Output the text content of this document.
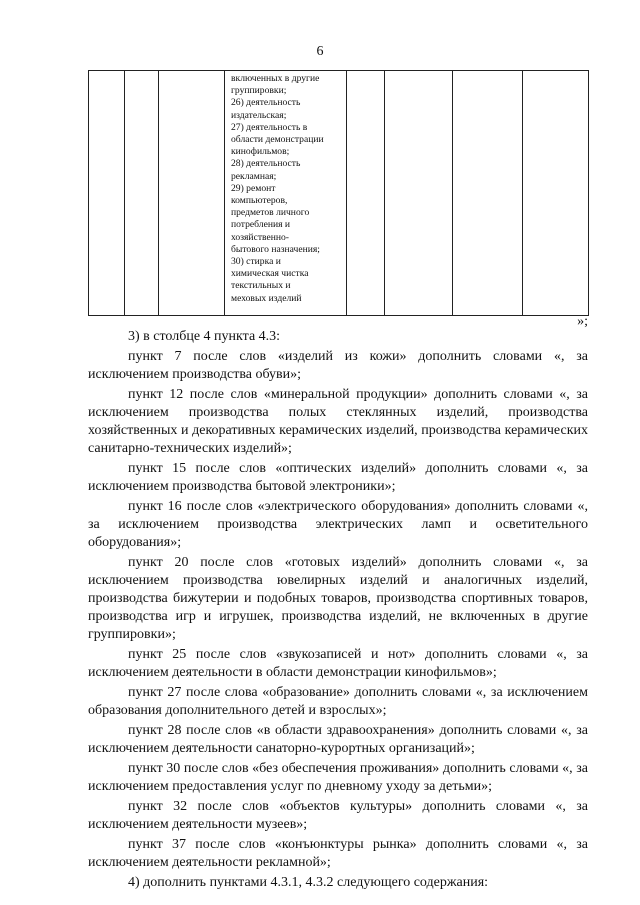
6

включенных в другие
группировки;
26) деятельность
издательская;
27) деятельность в
области демонстрации
кинофильмов;
28) деятельность
рекламная;
29) ремонт
компьютеров,
предметов личного
потребления и
хозяйственно-
бытового назначения;
30) стирка и
химическая чистка
текстильных и
меховых изделий

»;

3) в столбце 4 пункта 4.3:

пункт 7 после слов «изделий из кожи» дополнить словами «, за исключением производства обуви»;

пункт 12 после слов «минеральной продукции» дополнить словами «, за исключением производства полых стеклянных изделий, производства хозяйственных и декоративных керамических изделий, производства керамических санитарно-технических изделий»;

пункт 15 после слов «оптических изделий» дополнить словами «, за исключением производства бытовой электроники»;

пункт 16 после слов «электрического оборудования» дополнить словами «, за исключением производства электрических ламп и осветительного оборудования»;

пункт 20 после слов «готовых изделий» дополнить словами «, за исключением производства ювелирных изделий и аналогичных изделий, производства бижутерии и подобных товаров, производства спортивных товаров, производства игр и игрушек, производства изделий, не включенных в другие группировки»;

пункт 25 после слов «звукозаписей и нот» дополнить словами «, за исключением деятельности в области демонстрации кинофильмов»;

пункт 27 после слова «образование» дополнить словами «, за исключением образования дополнительного детей и взрослых»;

пункт 28 после слов «в области здравоохранения» дополнить словами «, за исключением деятельности санаторно-курортных организаций»;

пункт 30 после слов «без обеспечения проживания» дополнить словами «, за исключением предоставления услуг по дневному уходу за детьми»;

пункт 32 после слов «объектов культуры» дополнить словами «, за исключением деятельности музеев»;

пункт 37 после слов «конъюнктуры рынка» дополнить словами «, за исключением деятельности рекламной»;

4) дополнить пунктами 4.3.1, 4.3.2 следующего содержания:
